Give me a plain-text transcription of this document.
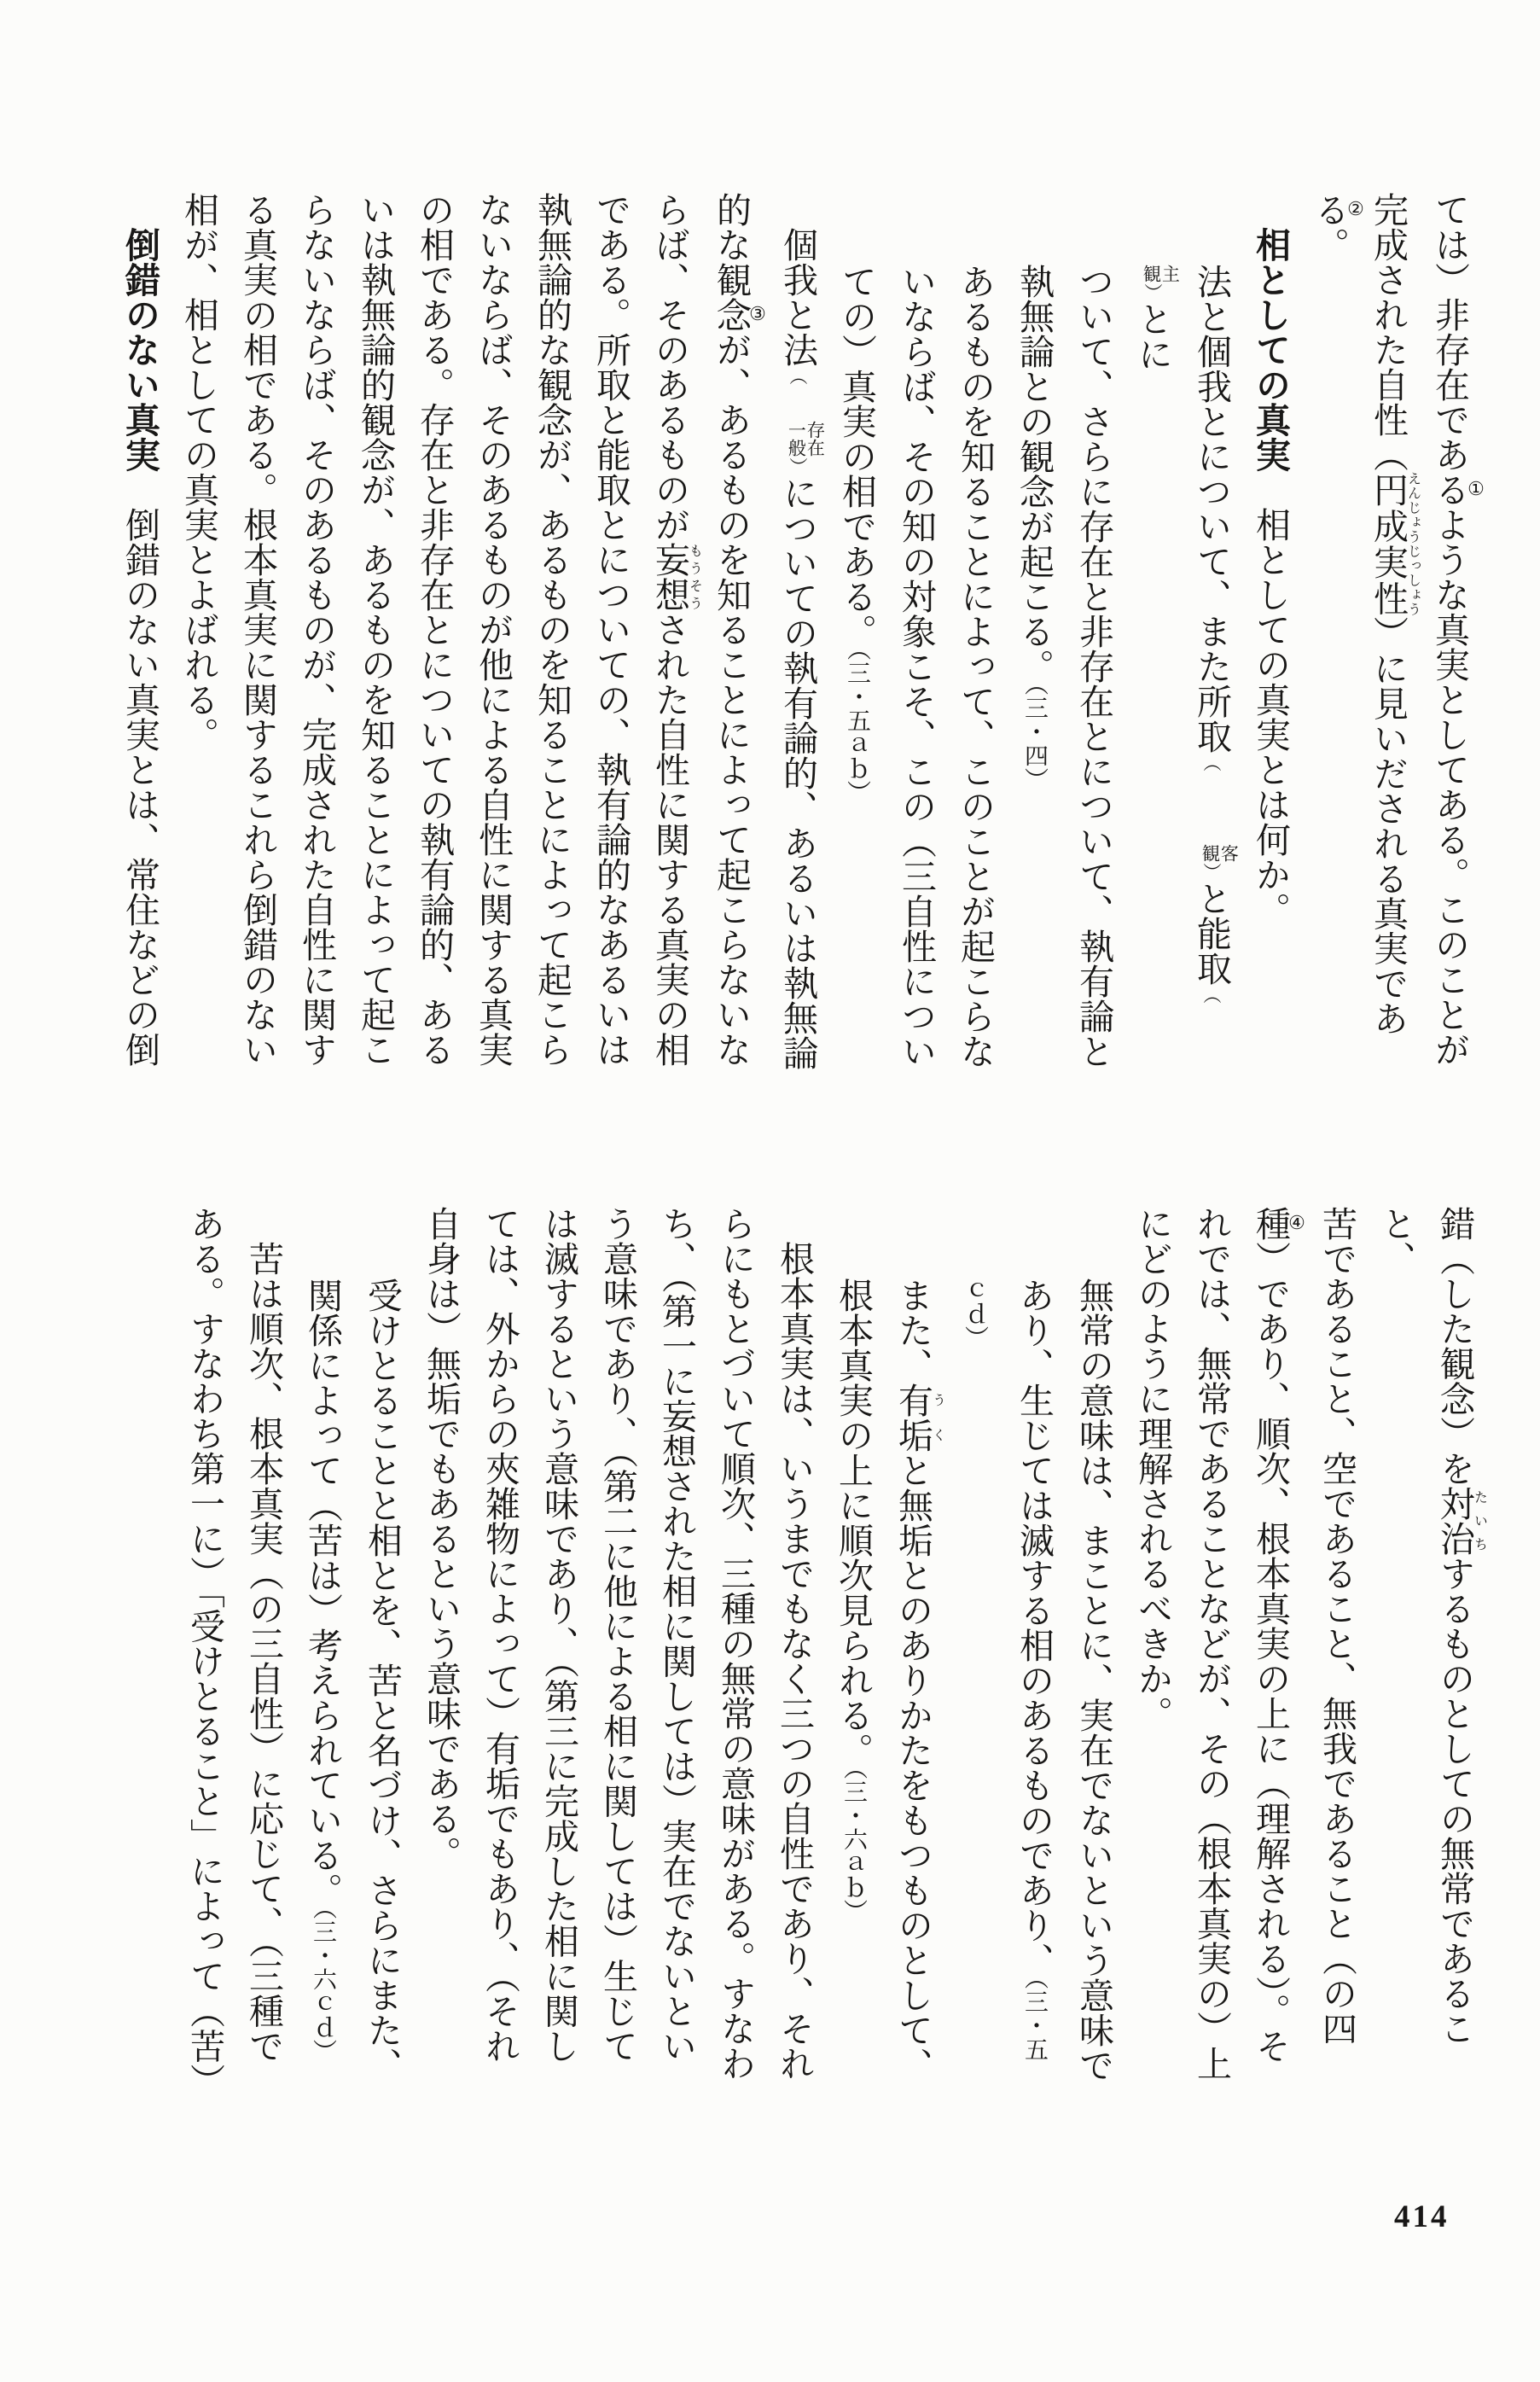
ては）非存在である①ような真実としてある。このことが

完成された自性（円成実性えんじょうじっしょう）に見いだされる真実である②。

相としての真実　相としての真実とは何か。

法と個我とについて、また所取（
客
観
）と能取（
主
観
）とに

ついて、さらに存在と非存在とについて、執有論と

執無論との観念が起こる。（三・四）

あるものを知ることによって、このことが起こらな

いならば、その知の対象こそ、この（三自性につい

ての）真実の相である。（三・五ａｂ）

個我と法（
存在
一般
）についての執有論的、あるいは執無論

的な観念③が、あるものを知ることによって起こらないな

らば、そのあるものが妄想もうそうされた自性に関する真実の相

である。所取と能取とについての、執有論的なあるいは

執無論的な観念が、あるものを知ることによって起こら

ないならば、そのあるものが他による自性に関する真実

の相である。存在と非存在とについての執有論的、ある

いは執無論的観念が、あるものを知ることによって起こ

らないならば、そのあるものが、完成された自性に関す

る真実の相である。根本真実に関するこれら倒錯のない

相が、相としての真実とよばれる。

倒錯のない真実　倒錯のない真実とは、常住などの倒

錯（した観念）を対治たいちするものとしての無常であること、

苦であること、空であること、無我であること（の四

種④）であり、順次、根本真実の上に（理解される）。そ

れでは、無常であることなどが、その（根本真実の）上

にどのように理解されるべきか。

無常の意味は、まことに、実在でないという意味で

あり、生じては滅する相のあるものであり、（三・五

ｃｄ）

また、有垢うくと無垢とのありかたをもつものとして、

根本真実の上に順次見られる。（三・六ａｂ）

根本真実は、いうまでもなく三つの自性であり、それ

らにもとづいて順次、三種の無常の意味がある。すなわ

ち、（第一に妄想された相に関しては）実在でないとい

う意味であり、（第二に他による相に関しては）生じて

は滅するという意味であり、（第三に完成した相に関し

ては、外からの夾雑物によって）有垢でもあり、（それ

自身は）無垢でもあるという意味である。

受けとることと相とを、苦と名づけ、さらにまた、

関係によって（苦は）考えられている。（三・六ｃｄ）

苦は順次、根本真実（の三自性）に応じて、（三種で

ある。すなわち第一に）「受けとること」によって（苦）

414
